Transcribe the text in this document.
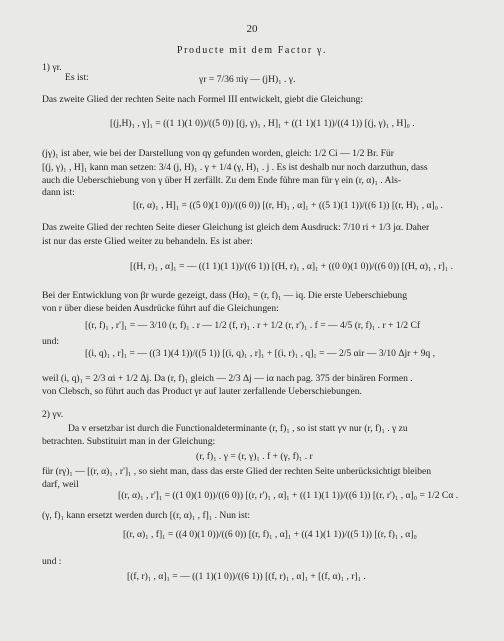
20
Producte mit dem Factor γ.
1) γr.
Es ist:	γr = 7/36 πiγ — (jH)₁ . γ.
Das zweite Glied der rechten Seite nach Formel III entwickelt, giebt die Gleichung:
[(j,H)₁ , γ]₁ = ((1 1)(1 0))/((5 0)) [(j, γ)₁ , H]₁ + ((1 1)(1 1))/((4 1)) [(j, γ)₁ , H]₀ .
(jγ)₁ ist aber, wie bei der Darstellung von qγ gefunden worden, gleich: 1/2 Ci — 1/2 Br. Für
[(j, γ)₁ , H]₁ kann man setzen: 3/4 (j, H)₁ . γ + 1/4 (γ, H)₁ . j . Es ist deshalb nur noch darzuthun, dass
auch die Ueberschiebung von γ über H zerfällt. Zu dem Ende führe man für γ ein (r, α)₁ . Als-
dann ist:
[(r, α)₁ , H]₁ = ((5 0)(1 0))/((6 0)) [(r, H)₁ , α]₁ + ((5 1)(1 1))/((6 1)) [(r, H)₁ , α]₀ .
Das zweite Glied der rechten Seite dieser Gleichung ist gleich dem Ausdruck: 7/10 ri + 1/3 jα. Daher
ist nur das erste Glied weiter zu behandeln. Es ist aber:
[(H, r)₁ , α]₁ = — ((1 1)(1 1))/((6 1)) [(H, r)₁ , α]₁ + ((0 0)(1 0))/((6 0)) [(H, α)₁ , r]₁ .
Bei der Entwicklung von βr wurde gezeigt, dass (Hα)₁ = (r, f)₁ — iq. Die erste Ueberschiebung
von r über diese beiden Ausdrücke führt auf die Gleichungen:
[(r, f)₁ , r']₁ = — 3/10 (r, f)₁ . r — 1/2 (f, r)₁ . r + 1/2 (r, r')₁ . f = — 4/5 (r, f)₁ . r + 1/2 Cf
und:
[(i, q)₁ , r]₁ = — ((3 1)(4 1))/((5 1)) [(i, q)₁ , r]₁ + [(i, r)₁ , q]₁ = — 2/5 αir — 3/10 Δjr + 9q ,
weil (i, q)₁ = 2/3 αi + 1/2 Δj. Da (r, f)₁ gleich — 2/3 Δj — iα nach pag. 375 der binären Formen .
von Clebsch, so führt auch das Product γr auf lauter zerfallende Ueberschiebungen.
2) γv.
Da v ersetzbar ist durch die Functionaldeterminante (r, f)₁ , so ist statt γv nur (r, f)₁ . γ zu
betrachten. Substituirt man in der Gleichung:
(r, f)₁ . γ = (r, γ)₁ . f + (γ, f)₁ . r
für (rγ)₁ — [(r, α)₁ , r']₁ , so sieht man, dass das erste Glied der rechten Seite unberücksichtigt bleiben
darf, weil
[(r, α)₁ , r']₁ = ((1 0)(1 0))/((6 0)) [(r, r')₁ , α]₁ + ((1 1)(1 1))/((6 1)) [(r, r')₁ , α]₀ = 1/2 Cα .
(γ, f)₁ kann ersetzt werden durch [(r, α)₁ , f]₁ . Nun ist:
[(r, α)₁ , f]₁ = ((4 0)(1 0))/((6 0)) [(r, f)₁ , α]₁ + ((4 1)(1 1))/((5 1)) [(r, f)₁ , α]₀
und :
[(f, r)₁ , α]₁ = — ((1 1)(1 0))/((6 1)) [(f, r)₁ , α]₁ + [(f, α)₁ , r]₁ .
